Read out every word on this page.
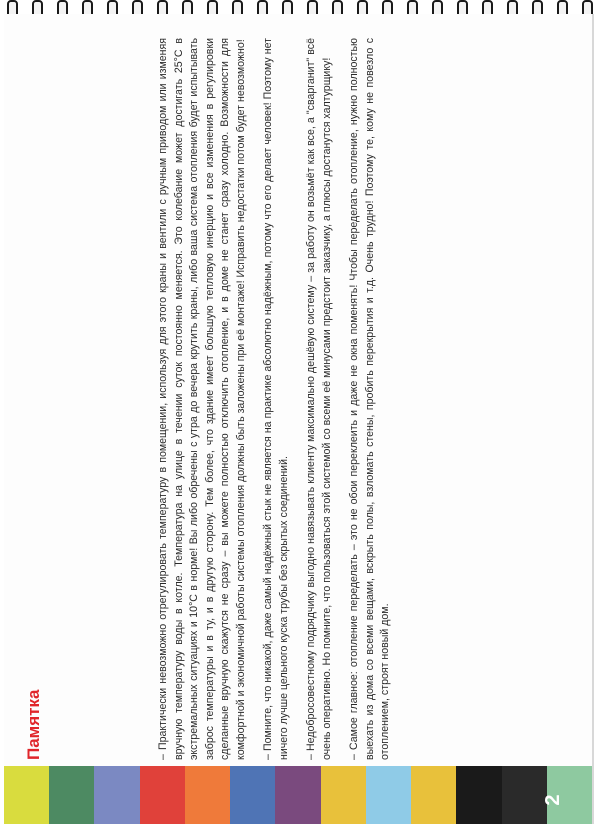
Памятка
2

– Практически невозможно отрегулировать температуру в помещении, используя для этого краны и вентили с ручным приводом или изменяя вручную температуру воды в котле. Температура на улице в течении суток постоянно меняется. Это колебание может достигать 25°С в экстремальных ситуациях и 10°С в норме! Вы либо обречены с утра до вечера крутить краны, либо ваша система отопления будет испытывать заброс температуры и в ту, и в другую сторону. Тем более, что здание имеет большую тепловую инерцию и все изменения в регулировки сделанные вручную скажутся не сразу – вы можете полностью отключить отопление, и в доме не станет сразу холодно. Возможности для комфортной и экономичной работы системы отопления должны быть заложены при её монтаже! Исправить недостатки потом будет невозможно! – Помните, что никакой, даже самый надёжный стык не является на практике абсолютно надёжным, потому что его делает человек! Поэтому нет ничего лучше цельного куска трубы без скрытых соединений. – Недобросовестному подрядчику выгодно навязывать клиенту максимально дешёвую систему – за работу он возьмёт как все, а "сварганит" всё очень оперативно. Но помните, что пользоваться этой системой со всеми её минусами предстоит заказчику, а плюсы достанутся халтурщику! – Самое главное: отопление переделать – это не обои переклеить и даже не окна поменять! Чтобы переделать отопление, нужно полностью выехать из дома со всеми вещами, вскрыть полы, взломать стены, пробить перекрытия и т.д. Очень трудно! Поэтому те, кому не повезло с отоплением, строят новый дом.
